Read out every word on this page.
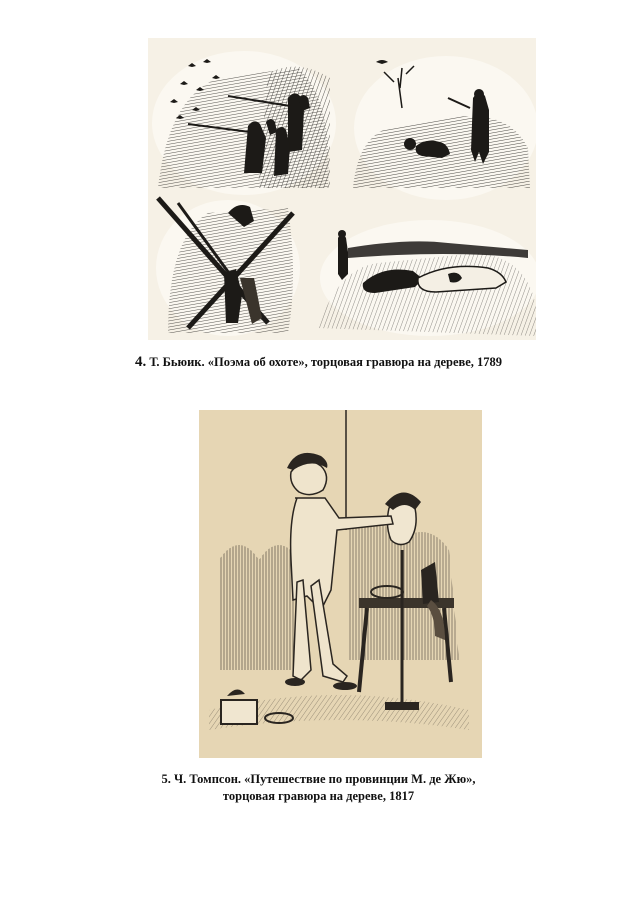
4. Т. Бьюик. «Поэма об охоте», торцовая гравюра на дереве, 1789
5. Ч. Томпсон. «Путешествие по провинции М. де Жю»,
торцовая гравюра на дереве, 1817
